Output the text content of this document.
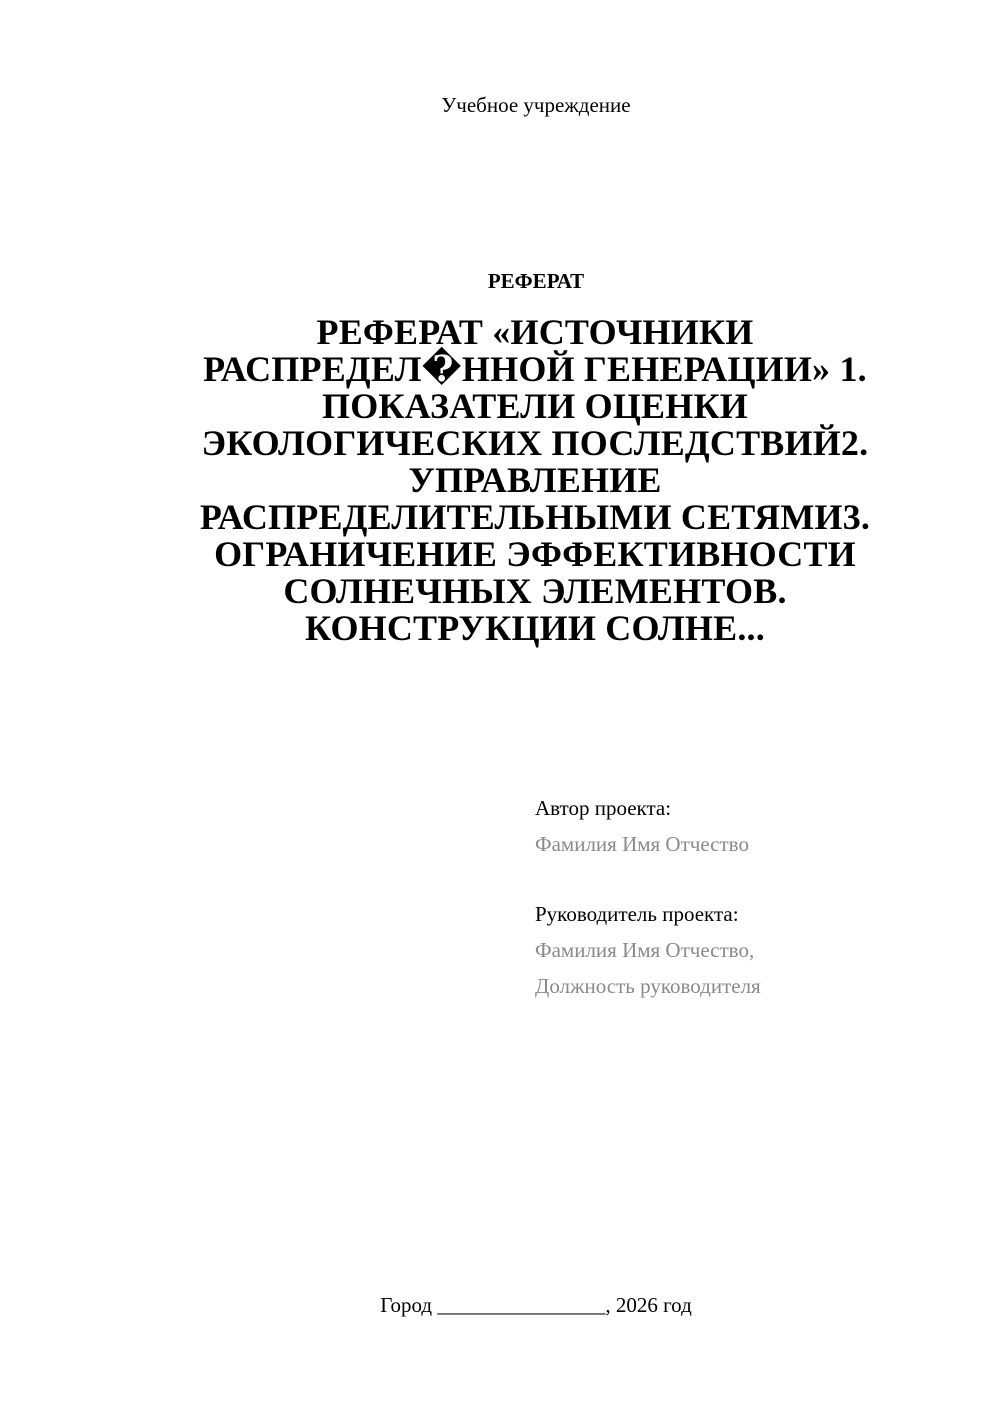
Учебное учреждение
РЕФЕРАТ
РЕФЕРАТ «ИСТОЧНИКИ РАСПРЕДЕЛ�ННОЙ ГЕНЕРАЦИИ» 1. ПОКАЗАТЕЛИ ОЦЕНКИ ЭКОЛОГИЧЕСКИХ ПОСЛЕДСТВИЙ2. УПРАВЛЕНИЕ РАСПРЕДЕЛИТЕЛЬНЫМИ СЕТЯМИ3. ОГРАНИЧЕНИЕ ЭФФЕКТИВНОСТИ СОЛНЕЧНЫХ ЭЛЕМЕНТОВ. КОНСТРУКЦИИ СОЛНЕ...
Автор проекта:
Фамилия Имя Отчество
Руководитель проекта:
Фамилия Имя Отчество,
Должность руководителя
Город ________________, 2026 год
